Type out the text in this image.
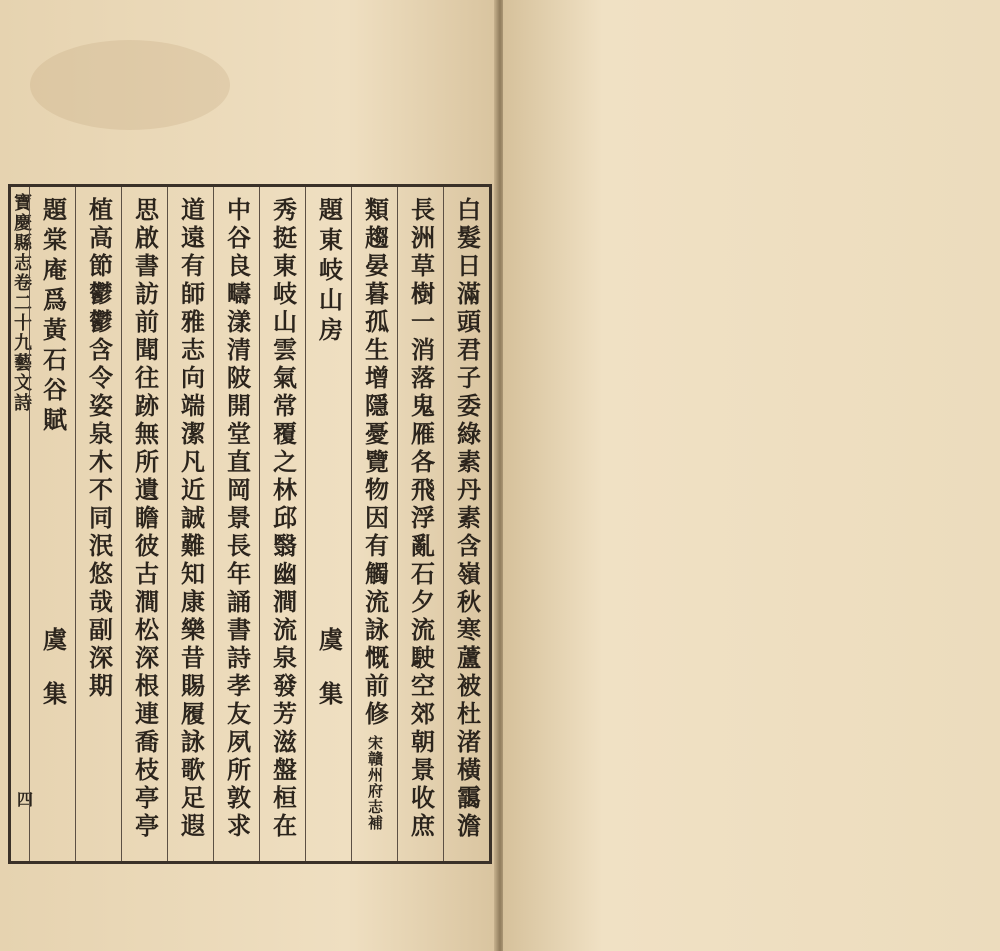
寶慶縣志卷二十九藝文詩
四	白髮日滿頭君子委綠素丹素含嶺秋寒蘆被杜渚橫靄澹
長洲草樹一消落鬼雁各飛浮亂石夕流駛空郊朝景收庶
類趨晏暮孤生增隱憂覽物因有觸流詠慨前修
宋贛州府志補
題東岐山房
虞集
秀挺東岐山雲氣常覆之林邱翳幽澗流泉發芳滋盤桓在
中谷良疇漾清陂開堂直岡景長年誦書詩孝友夙所敦求
道遠有師雅志向端潔凡近誠難知康樂昔賜履詠歌足遐
思啟書訪前聞往跡無所遺瞻彼古澗松深根連喬枝亭亭
植高節鬱鬱含令姿泉木不同泯悠哉副深期
題棠庵爲黃石谷賦
虞集
